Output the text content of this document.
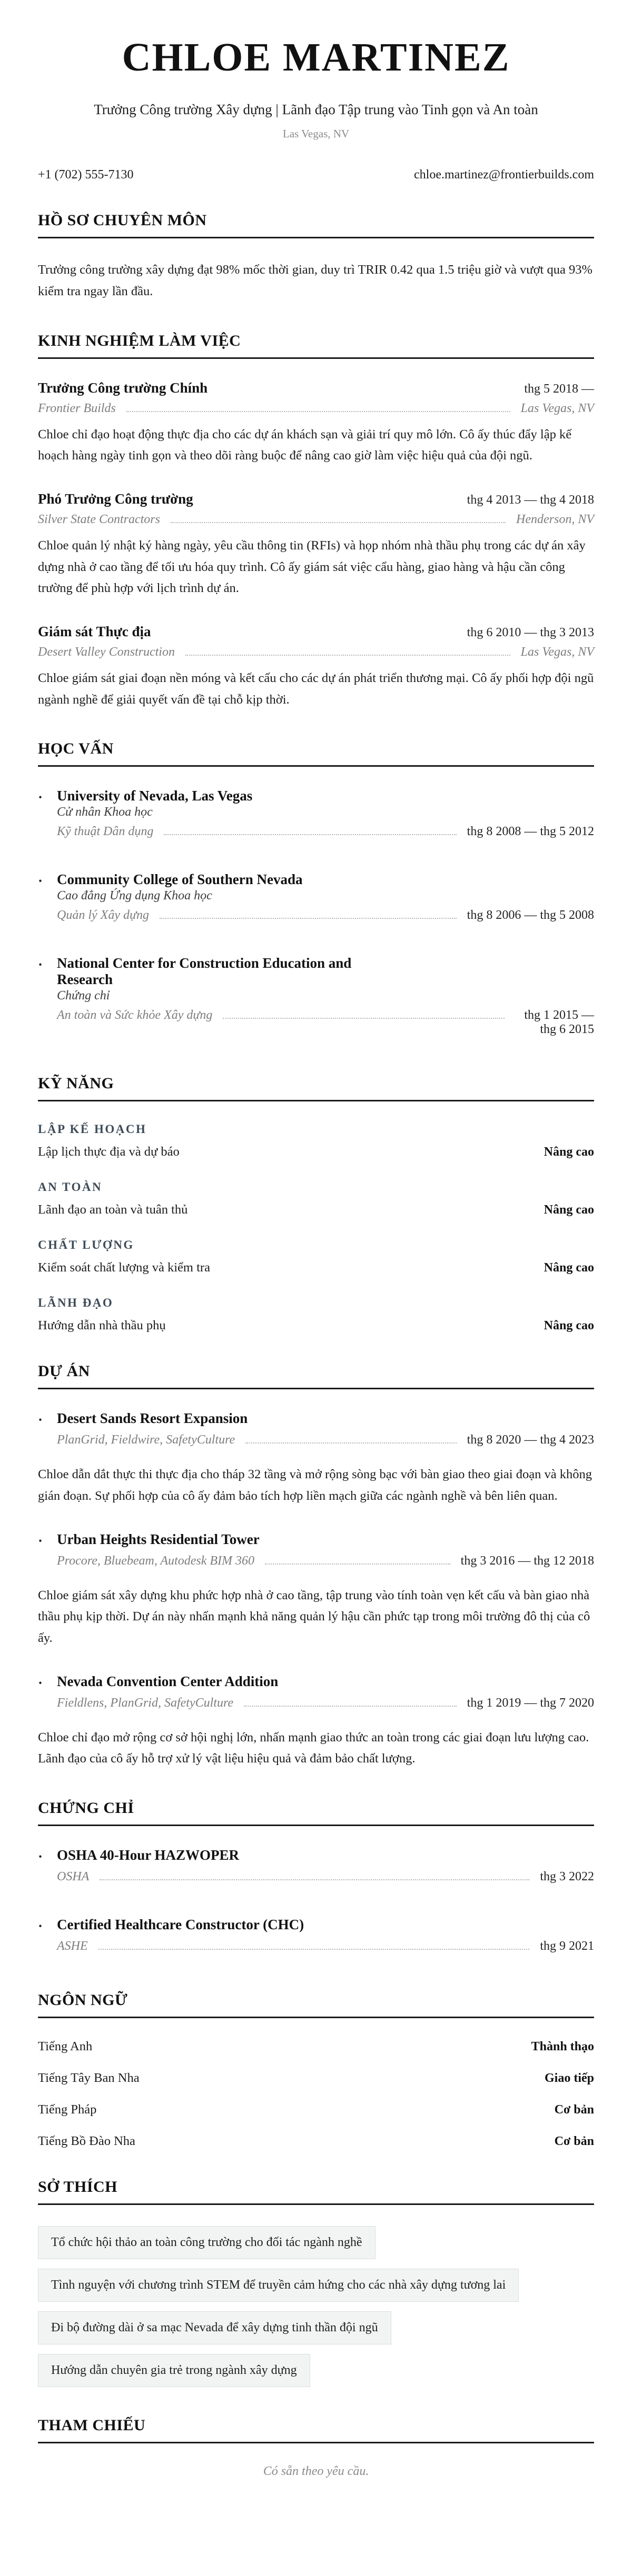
CHLOE MARTINEZ
Trưởng Công trường Xây dựng | Lãnh đạo Tập trung vào Tinh gọn và An toàn
Las Vegas, NV
+1 (702) 555-7130	chloe.martinez@frontierbuilds.com
HỒ SƠ CHUYÊN MÔN

Trưởng công trường xây dựng đạt 98% mốc thời gian, duy trì TRIR 0.42 qua 1.5 triệu giờ và vượt qua 93% kiểm tra ngay lần đầu.

KINH NGHIỆM LÀM VIỆC
Trưởng Công trường Chính	thg 5 2018 —
Frontier Builds	Las Vegas, NV

Chloe chỉ đạo hoạt động thực địa cho các dự án khách sạn và giải trí quy mô lớn. Cô ấy thúc đẩy lập kế hoạch hàng ngày tinh gọn và theo dõi ràng buộc để nâng cao giờ làm việc hiệu quả của đội ngũ.

Phó Trưởng Công trường	thg 4 2013 — thg 4 2018
Silver State Contractors	Henderson, NV

Chloe quản lý nhật ký hàng ngày, yêu cầu thông tin (RFIs) và họp nhóm nhà thầu phụ trong các dự án xây dựng nhà ở cao tầng để tối ưu hóa quy trình. Cô ấy giám sát việc cẩu hàng, giao hàng và hậu cần công trường để phù hợp với lịch trình dự án.

Giám sát Thực địa	thg 6 2010 — thg 3 2013
Desert Valley Construction	Las Vegas, NV

Chloe giám sát giai đoạn nền móng và kết cấu cho các dự án phát triển thương mại. Cô ấy phối hợp đội ngũ ngành nghề để giải quyết vấn đề tại chỗ kịp thời.

HỌC VẤN
· University of Nevada, Las Vegas
Cử nhân Khoa học
Kỹ thuật Dân dụng	thg 8 2008 — thg 5 2012
· Community College of Southern Nevada
Cao đẳng Ứng dụng Khoa học
Quản lý Xây dựng	thg 8 2006 — thg 5 2008
· National Center for Construction Education and Research
Chứng chỉ
An toàn và Sức khỏe Xây dựng	thg 1 2015 — thg 6 2015
KỸ NĂNG
LẬP KẾ HOẠCH
Lập lịch thực địa và dự báo	Nâng cao
AN TOÀN
Lãnh đạo an toàn và tuân thủ	Nâng cao
CHẤT LƯỢNG
Kiểm soát chất lượng và kiểm tra	Nâng cao
LÃNH ĐẠO
Hướng dẫn nhà thầu phụ	Nâng cao
DỰ ÁN
· Desert Sands Resort Expansion
PlanGrid, Fieldwire, SafetyCulture	thg 8 2020 — thg 4 2023

Chloe dẫn dắt thực thi thực địa cho tháp 32 tầng và mở rộng sòng bạc với bàn giao theo giai đoạn và không gián đoạn. Sự phối hợp của cô ấy đảm bảo tích hợp liền mạch giữa các ngành nghề và bên liên quan.

· Urban Heights Residential Tower
Procore, Bluebeam, Autodesk BIM 360	thg 3 2016 — thg 12 2018

Chloe giám sát xây dựng khu phức hợp nhà ở cao tầng, tập trung vào tính toàn vẹn kết cấu và bàn giao nhà thầu phụ kịp thời. Dự án này nhấn mạnh khả năng quản lý hậu cần phức tạp trong môi trường đô thị của cô ấy.

· Nevada Convention Center Addition
Fieldlens, PlanGrid, SafetyCulture	thg 1 2019 — thg 7 2020

Chloe chỉ đạo mở rộng cơ sở hội nghị lớn, nhấn mạnh giao thức an toàn trong các giai đoạn lưu lượng cao. Lãnh đạo của cô ấy hỗ trợ xử lý vật liệu hiệu quả và đảm bảo chất lượng.

CHỨNG CHỈ
· OSHA 40-Hour HAZWOPER
OSHA	thg 3 2022
· Certified Healthcare Constructor (CHC)
ASHE	thg 9 2021
NGÔN NGỮ
Tiếng Anh	Thành thạo
Tiếng Tây Ban Nha	Giao tiếp
Tiếng Pháp	Cơ bản
Tiếng Bồ Đào Nha	Cơ bản
SỞ THÍCH
Tổ chức hội thảo an toàn công trường cho đối tác ngành nghề
Tình nguyện với chương trình STEM để truyền cảm hứng cho các nhà xây dựng tương lai
Đi bộ đường dài ở sa mạc Nevada để xây dựng tinh thần đội ngũ
Hướng dẫn chuyên gia trẻ trong ngành xây dựng
THAM CHIẾU
Có sẵn theo yêu cầu.
